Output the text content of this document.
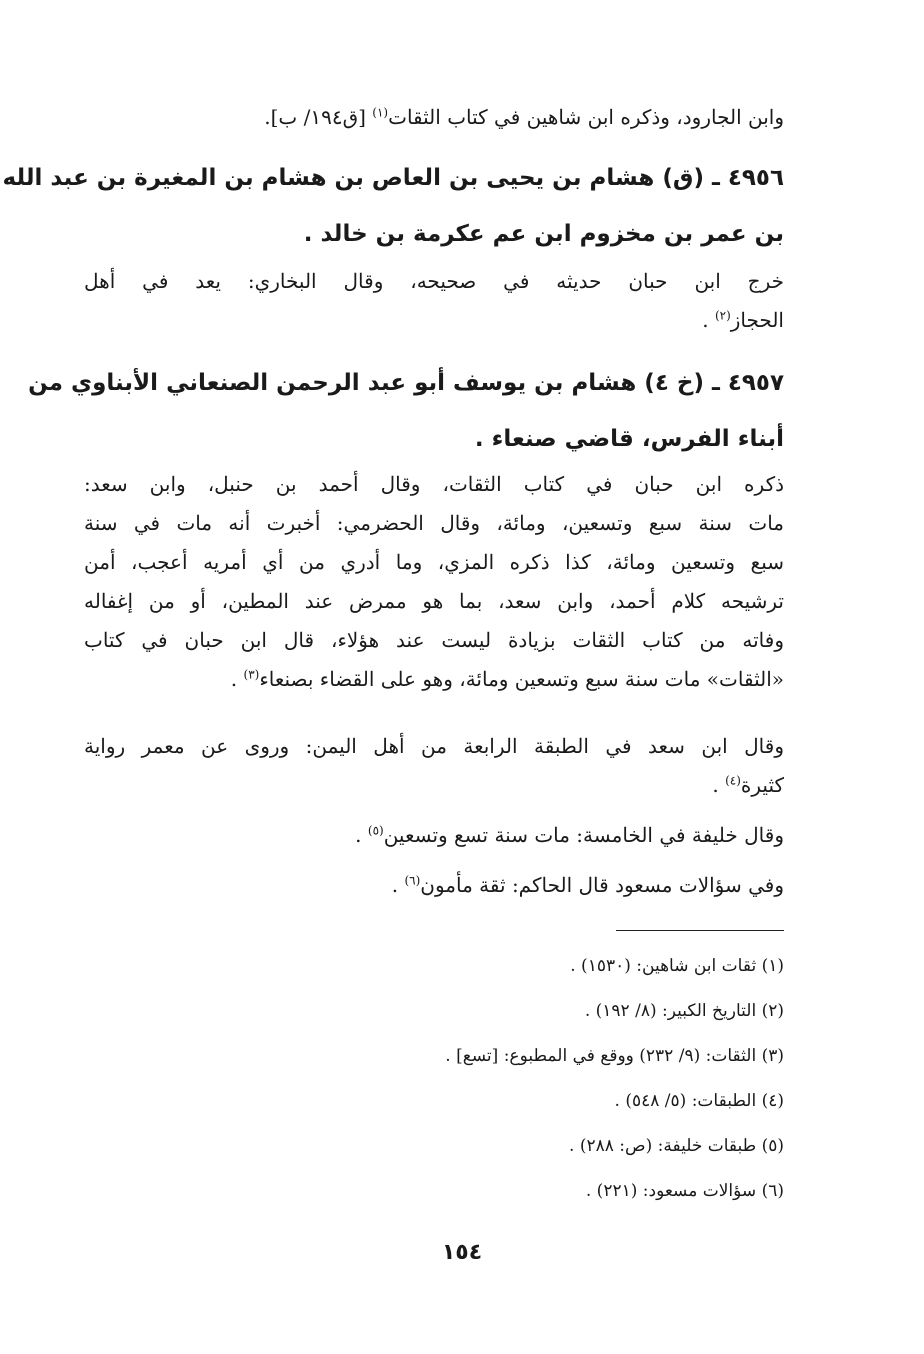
وابن الجارود، وذكره ابن شاهين في كتاب الثقات$^{(١)}$ [ق١٩٤/ ب].
٤٩٥٦ ـ (ق) هشام بن يحيى بن العاص بن هشام بن المغيرة بن عبد الله
بن عمر بن مخزوم ابن عم عكرمة بن خالد .
خرج ابن حبان حديثه في صحيحه، وقال البخاري: يعد في أهل
الحجاز$^{(٢)}$ .
٤٩٥٧ ـ (خ ٤) هشام بن يوسف أبو عبد الرحمن الصنعاني الأبناوي من
أبناء الفرس، قاضي صنعاء .
ذكره ابن حبان في كتاب الثقات، وقال أحمد بن حنبل، وابن سعد:
مات سنة سبع وتسعين، ومائة، وقال الحضرمي: أخبرت أنه مات في سنة
سبع وتسعين ومائة، كذا ذكره المزي، وما أدري من أي أمريه أعجب، أمن
ترشيحه كلام أحمد، وابن سعد، بما هو ممرض عند المطين، أو من إغفاله
وفاته من كتاب الثقات بزيادة ليست عند هؤلاء، قال ابن حبان في كتاب
«الثقات» مات سنة سبع وتسعين ومائة، وهو على القضاء بصنعاء$^{(٣)}$ .
وقال ابن سعد في الطبقة الرابعة من أهل اليمن: وروى عن معمر رواية
كثيرة$^{(٤)}$ .
وقال خليفة في الخامسة: مات سنة تسع وتسعين$^{(٥)}$ .
وفي سؤالات مسعود قال الحاكم: ثقة مأمون$^{(٦)}$ .
(١) ثقات ابن شاهين: (١٥٣٠) .
(٢) التاريخ الكبير: (٨/ ١٩٢) .
(٣) الثقات: (٩/ ٢٣٢) ووقع في المطبوع: [تسع] .
(٤) الطبقات: (٥/ ٥٤٨) .
(٥) طبقات خليفة: (ص: ٢٨٨) .
(٦) سؤالات مسعود: (٢٢١) .
١٥٤
